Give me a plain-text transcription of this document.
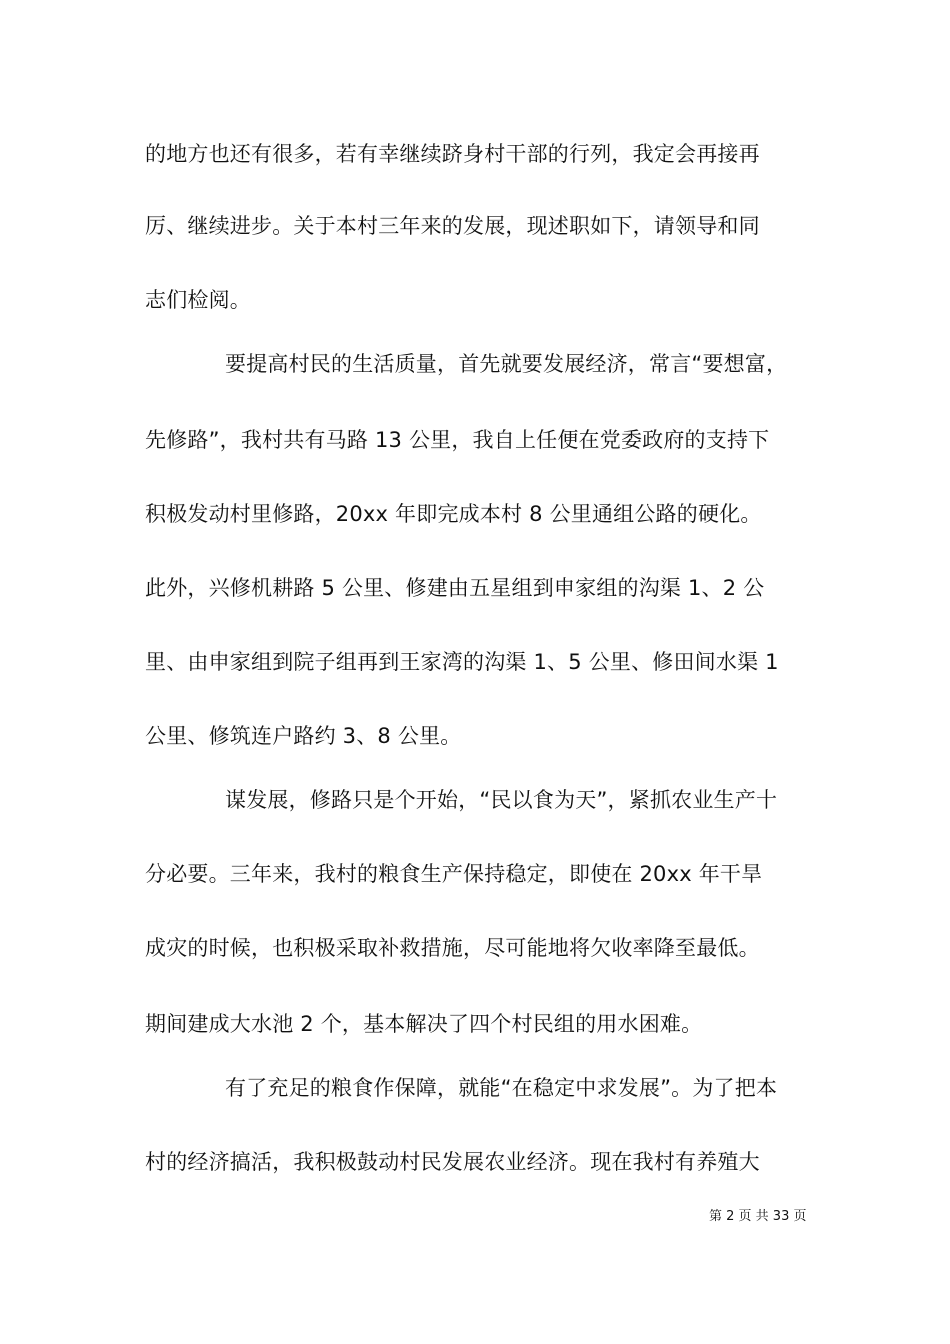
的地方也还有很多，若有幸继续跻身村干部的行列，我定会再接再
厉、继续进步。关于本村三年来的发展，现述职如下，请领导和同
志们检阅。
要提高村民的生活质量，首先就要发展经济，常言“要想富，
先修路”，我村共有马路 13 公里，我自上任便在党委政府的支持下
积极发动村里修路，20xx 年即完成本村 8 公里通组公路的硬化。
此外，兴修机耕路 5 公里、修建由五星组到申家组的沟渠 1、2 公
里、由申家组到院子组再到王家湾的沟渠 1、5 公里、修田间水渠 1
公里、修筑连户路约 3、8 公里。
谋发展，修路只是个开始，“民以食为天”，紧抓农业生产十
分必要。三年来，我村的粮食生产保持稳定，即使在 20xx 年干旱
成灾的时候，也积极采取补救措施，尽可能地将欠收率降至最低。
期间建成大水池 2 个，基本解决了四个村民组的用水困难。
有了充足的粮食作保障，就能“在稳定中求发展”。为了把本
村的经济搞活，我积极鼓动村民发展农业经济。现在我村有养殖大
第 2 页 共 33 页
